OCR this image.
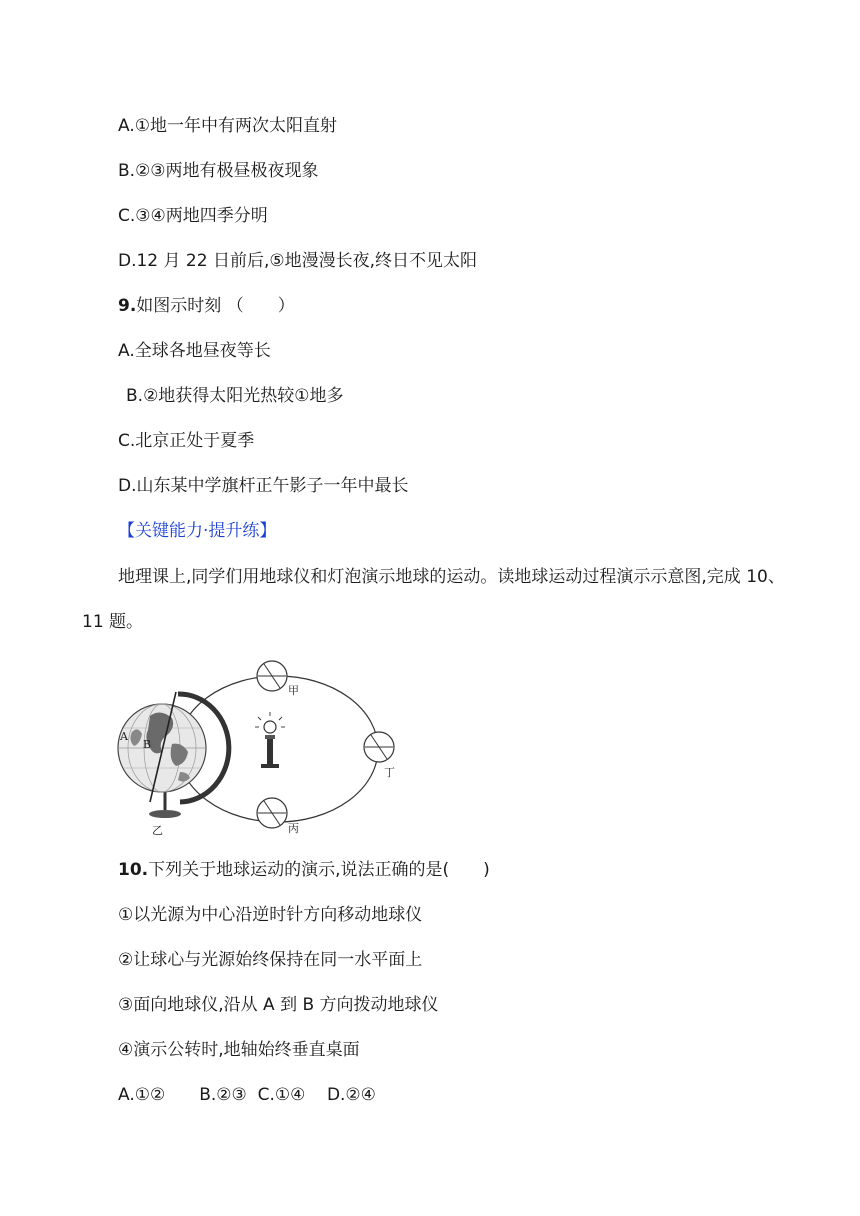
A.①地一年中有两次太阳直射
B.②③两地有极昼极夜现象
C.③④两地四季分明
D.12 月 22 日前后,⑤地漫漫长夜,终日不见太阳
9.如图示时刻 （　　）
A.全球各地昼夜等长
B.②地获得太阳光热较①地多
C.北京正处于夏季
D.山东某中学旗杆正午影子一年中最长
【关键能力·提升练】
地理课上,同学们用地球仪和灯泡演示地球的运动。读地球运动过程演示示意图,完成 10、
11 题。
A
B
乙
甲
丁
丙
10.下列关于地球运动的演示,说法正确的是(　　)
①以光源为中心沿逆时针方向移动地球仪
②让球心与光源始终保持在同一水平面上
③面向地球仪,沿从 A 到 B 方向拨动地球仪
④演示公转时,地轴始终垂直桌面
A.①②　　B.②③  C.①④    D.②④
